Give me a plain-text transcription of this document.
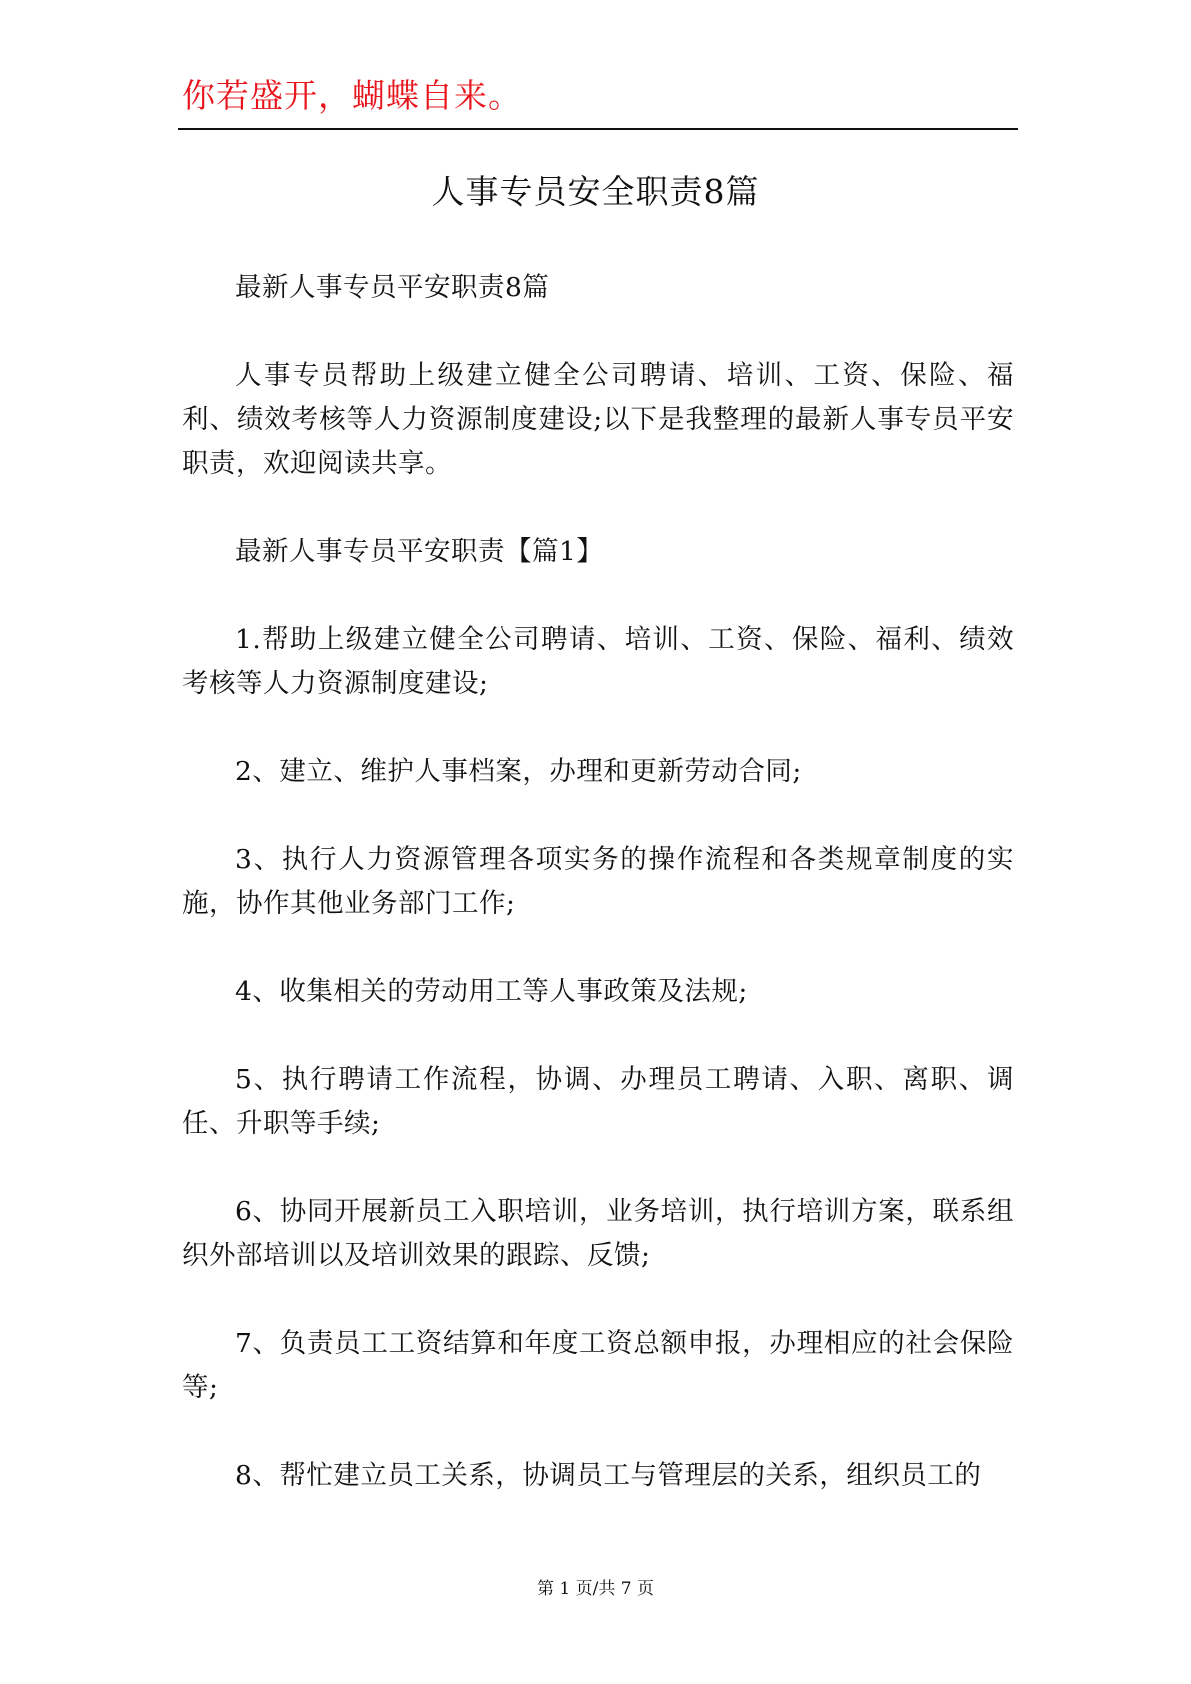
你若盛开，蝴蝶自来。
人事专员安全职责8篇

最新人事专员平安职责8篇

人事专员帮助上级建立健全公司聘请、培训、工资、保险、福利、绩效考核等人力资源制度建设;以下是我整理的最新人事专员平安职责，欢迎阅读共享。

最新人事专员平安职责【篇1】

1.帮助上级建立健全公司聘请、培训、工资、保险、福利、绩效考核等人力资源制度建设;

2、建立、维护人事档案，办理和更新劳动合同;

3、执行人力资源管理各项实务的操作流程和各类规章制度的实施，协作其他业务部门工作;

4、收集相关的劳动用工等人事政策及法规;

5、执行聘请工作流程，协调、办理员工聘请、入职、离职、调任、升职等手续;

6、协同开展新员工入职培训，业务培训，执行培训方案，联系组织外部培训以及培训效果的跟踪、反馈;

7、负责员工工资结算和年度工资总额申报，办理相应的社会保险等;

8、帮忙建立员工关系，协调员工与管理层的关系，组织员工的

第 1 页/共 7 页
